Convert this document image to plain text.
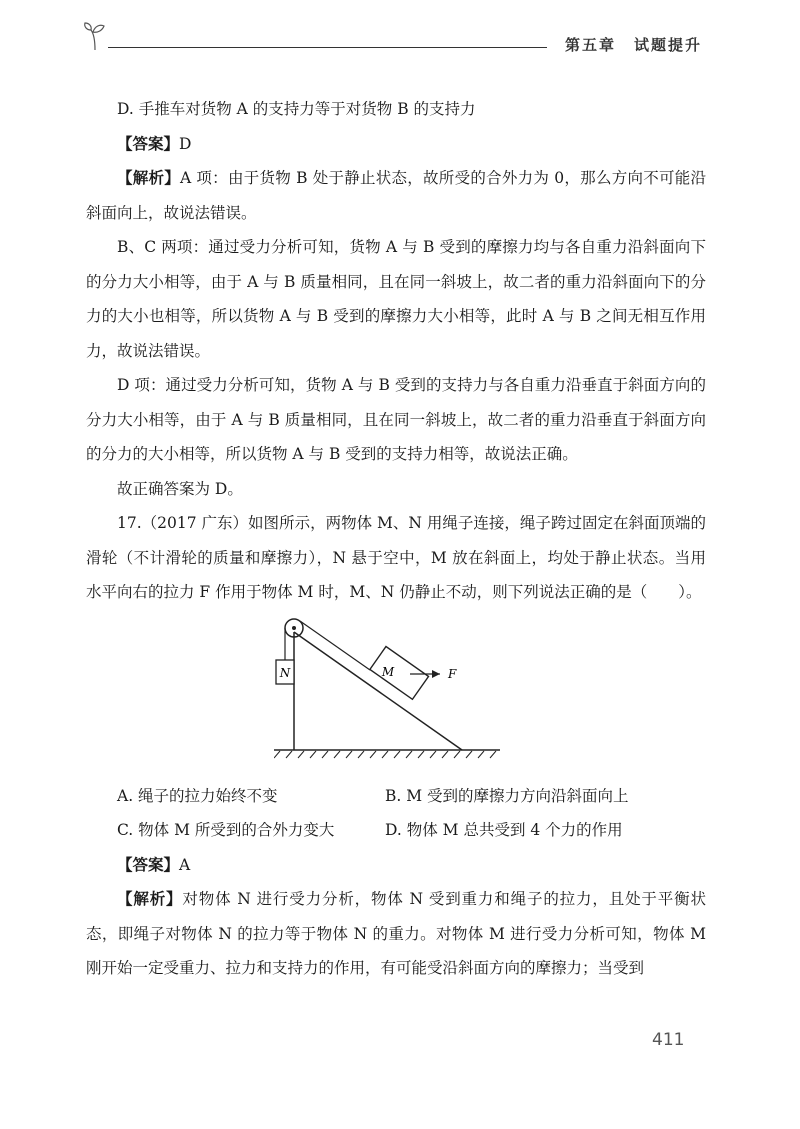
第五章 试题提升

D. 手推车对货物 A 的支持力等于对货物 B 的支持力

【答案】D

【解析】A 项：由于货物 B 处于静止状态，故所受的合外力为 0，那么方向不可能沿斜面向上，故说法错误。

B、C 两项：通过受力分析可知，货物 A 与 B 受到的摩擦力均与各自重力沿斜面向下的分力大小相等，由于 A 与 B 质量相同，且在同一斜坡上，故二者的重力沿斜面向下的分力的大小也相等，所以货物 A 与 B 受到的摩擦力大小相等，此时 A 与 B 之间无相互作用力，故说法错误。

D 项：通过受力分析可知，货物 A 与 B 受到的支持力与各自重力沿垂直于斜面方向的分力大小相等，由于 A 与 B 质量相同，且在同一斜坡上，故二者的重力沿垂直于斜面方向的分力的大小相等，所以货物 A 与 B 受到的支持力相等，故说法正确。

故正确答案为 D。

17.（2017 广东）如图所示，两物体 M、N 用绳子连接，绳子跨过固定在斜面顶端的滑轮（不计滑轮的质量和摩擦力），N 悬于空中，M 放在斜面上，均处于静止状态。当用水平向右的拉力 F 作用于物体 M 时，M、N 仍静止不动，则下列说法正确的是（　　）。

N	M	F
A. 绳子的拉力始终不变	B. M 受到的摩擦力方向沿斜面向上
C. 物体 M 所受到的合外力变大	D. 物体 M 总共受到 4 个力的作用

【答案】A

【解析】对物体 N 进行受力分析，物体 N 受到重力和绳子的拉力，且处于平衡状态，即绳子对物体 N 的拉力等于物体 N 的重力。对物体 M 进行受力分析可知，物体 M 刚开始一定受重力、拉力和支持力的作用，有可能受沿斜面方向的摩擦力；当受到

411
